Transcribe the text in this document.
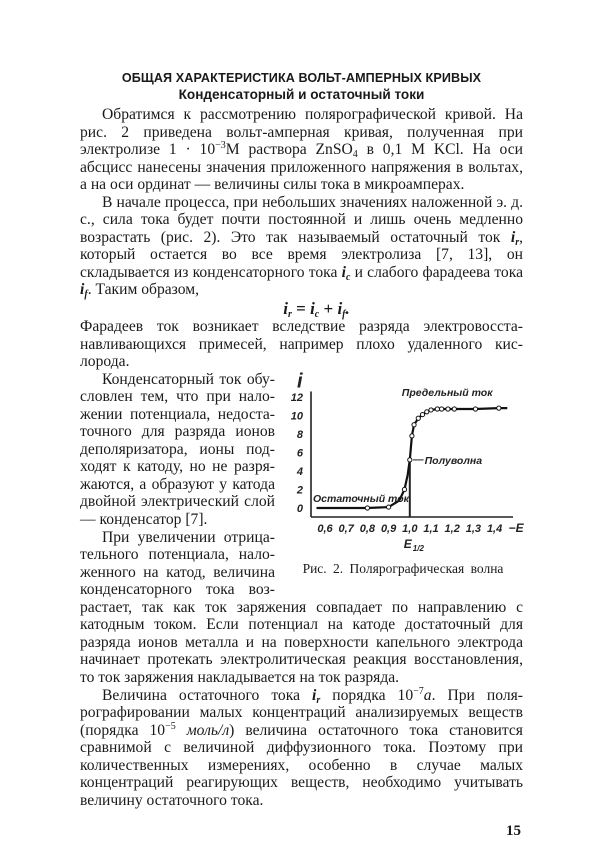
ОБЩАЯ ХАРАКТЕРИСТИКА ВОЛЬТ-АМПЕРНЫХ КРИВЫХ
Конденсаторный и остаточный токи

Обратимся к рассмотрению полярографической кривой. На рис. 2 приведена вольт-амперная кривая, полученная при электролизе $1 \cdot 10^{-3}M$ раствора ZnSO$_4$ в 0,1 M KCl. На оси абсцисс нанесены значения приложенного напряжения в вольтах, а на оси ординат — величины силы тока в микроамперах.

В начале процесса, при небольших значениях наложенной э. д. с., сила тока будет почти постоянной и лишь очень медленно возрастать (рис. 2). Это так называемый остаточный ток $i_r$, который остается во все время электролиза [7, 13], он складывается из конденсаторного тока $i_c$ и слабого фарадеева тока $i_f$. Таким образом,

$i_r = i_c + i_f$.

Фарадеев ток возникает вследствие разряда электровосстанавливающихся примесей, например плохо удаленного кислорода.

i
0
2
4
6
8
10
12
0,6 0,7 0,8 0,9 1,0 1,1 1,2 1,3 1,4 −E
E 1/2
Предельный ток
Полуволна
Остаточный ток
Рис. 2. Полярографическая волна

Конденсаторный ток обусловлен тем, что при наложении потенциала, недостаточного для разряда ионов деполяризатора, ионы подходят к катоду, но не разряжаются, а образуют у катода двойной электрический слой — конденсатор [7].

При увеличении отрицательного потенциала, наложенного на катод, величина конденсаторного тока возрастает, так как ток заряжения совпадает по направлению с катодным током. Если потенциал на катоде достаточный для разряда ионов металла и на поверхности капельного электрода начинает протекать электролитическая реакция восстановления, то ток заряжения накладывается на ток разряда.

Величина остаточного тока $i_r$ порядка $10^{-7}a$. При полярографировании малых концентраций анализируемых веществ (порядка $10^{-5}$ моль/л) величина остаточного тока становится сравнимой с величиной диффузионного тока. Поэтому при количественных измерениях, особенно в случае малых концентраций реагирующих веществ, необходимо учитывать величину остаточного тока.

15
